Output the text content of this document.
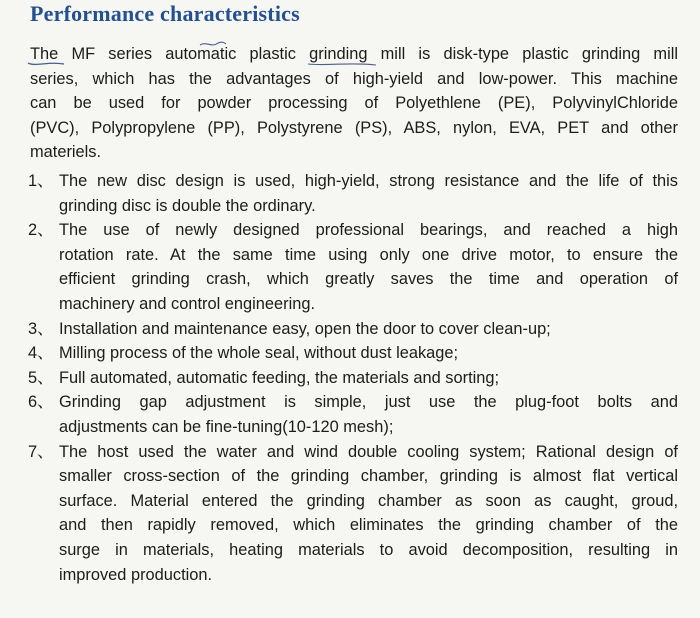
Performance characteristics
The MF series automatic plastic grinding mill is disk-type plastic grinding mill
series, which has the advantages of high-yield and low-power. This machine
can be used for powder processing of Polyethlene (PE), PolyvinylChloride
(PVC), Polypropylene (PP), Polystyrene (PS), ABS, nylon, EVA, PET and other
materiels.
1、 The new disc design is used, high-yield, strong resistance and the life of this
grinding disc is double the ordinary.
2、 The use of newly designed professional bearings, and reached a high
rotation rate. At the same time using only one drive motor, to ensure the
efficient grinding crash, which greatly saves the time and operation of
machinery and control engineering.
3、 Installation and maintenance easy, open the door to cover clean-up;
4、 Milling process of the whole seal, without dust leakage;
5、 Full automated, automatic feeding, the materials and sorting;
6、 Grinding gap adjustment is simple, just use the plug-foot bolts and
adjustments can be fine-tuning(10-120 mesh);
7、 The host used the water and wind double cooling system; Rational design of
smaller cross-section of the grinding chamber, grinding is almost flat vertical
surface. Material entered the grinding chamber as soon as caught, groud,
and then rapidly removed, which eliminates the grinding chamber of the
surge in materials, heating materials to avoid decomposition, resulting in
improved production.
